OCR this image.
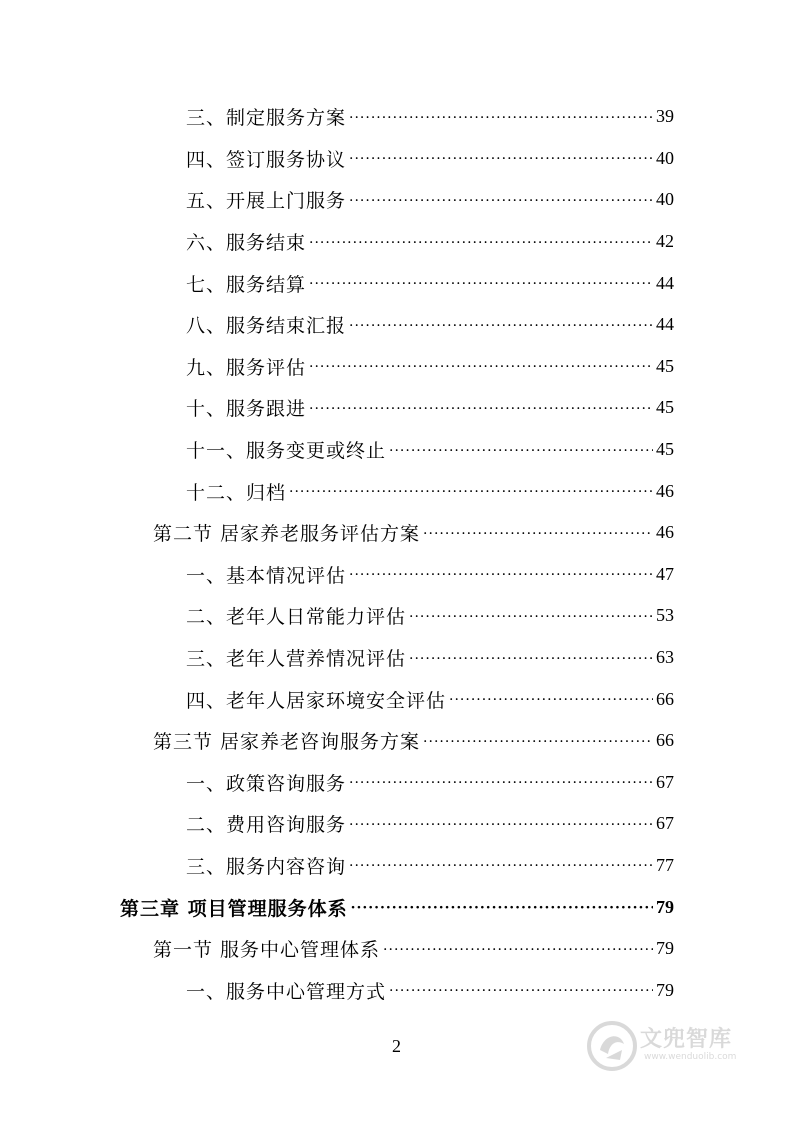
三、制定服务方案 ·····	39
四、签订服务协议 ·····	40
五、开展上门服务 ·····	40
六、服务结束 ·····	42
七、服务结算 ·····	44
八、服务结束汇报 ·····	44
九、服务评估 ·····	45
十、服务跟进 ·····	45
十一、服务变更或终止 ·····	45
十二、归档 ·····	46
第二节 居家养老服务评估方案 ·····	46
一、基本情况评估 ·····	47
二、老年人日常能力评估 ·····	53
三、老年人营养情况评估 ·····	63
四、老年人居家环境安全评估 ·····	66
第三节 居家养老咨询服务方案 ·····	66
一、政策咨询服务 ·····	67
二、费用咨询服务 ·····	67
三、服务内容咨询 ·····	77
第三章 项目管理服务体系 ·····	79
第一节 服务中心管理体系 ·····	79
一、服务中心管理方式 ·····	79
2	文兜智库
www.wenduolib.com
